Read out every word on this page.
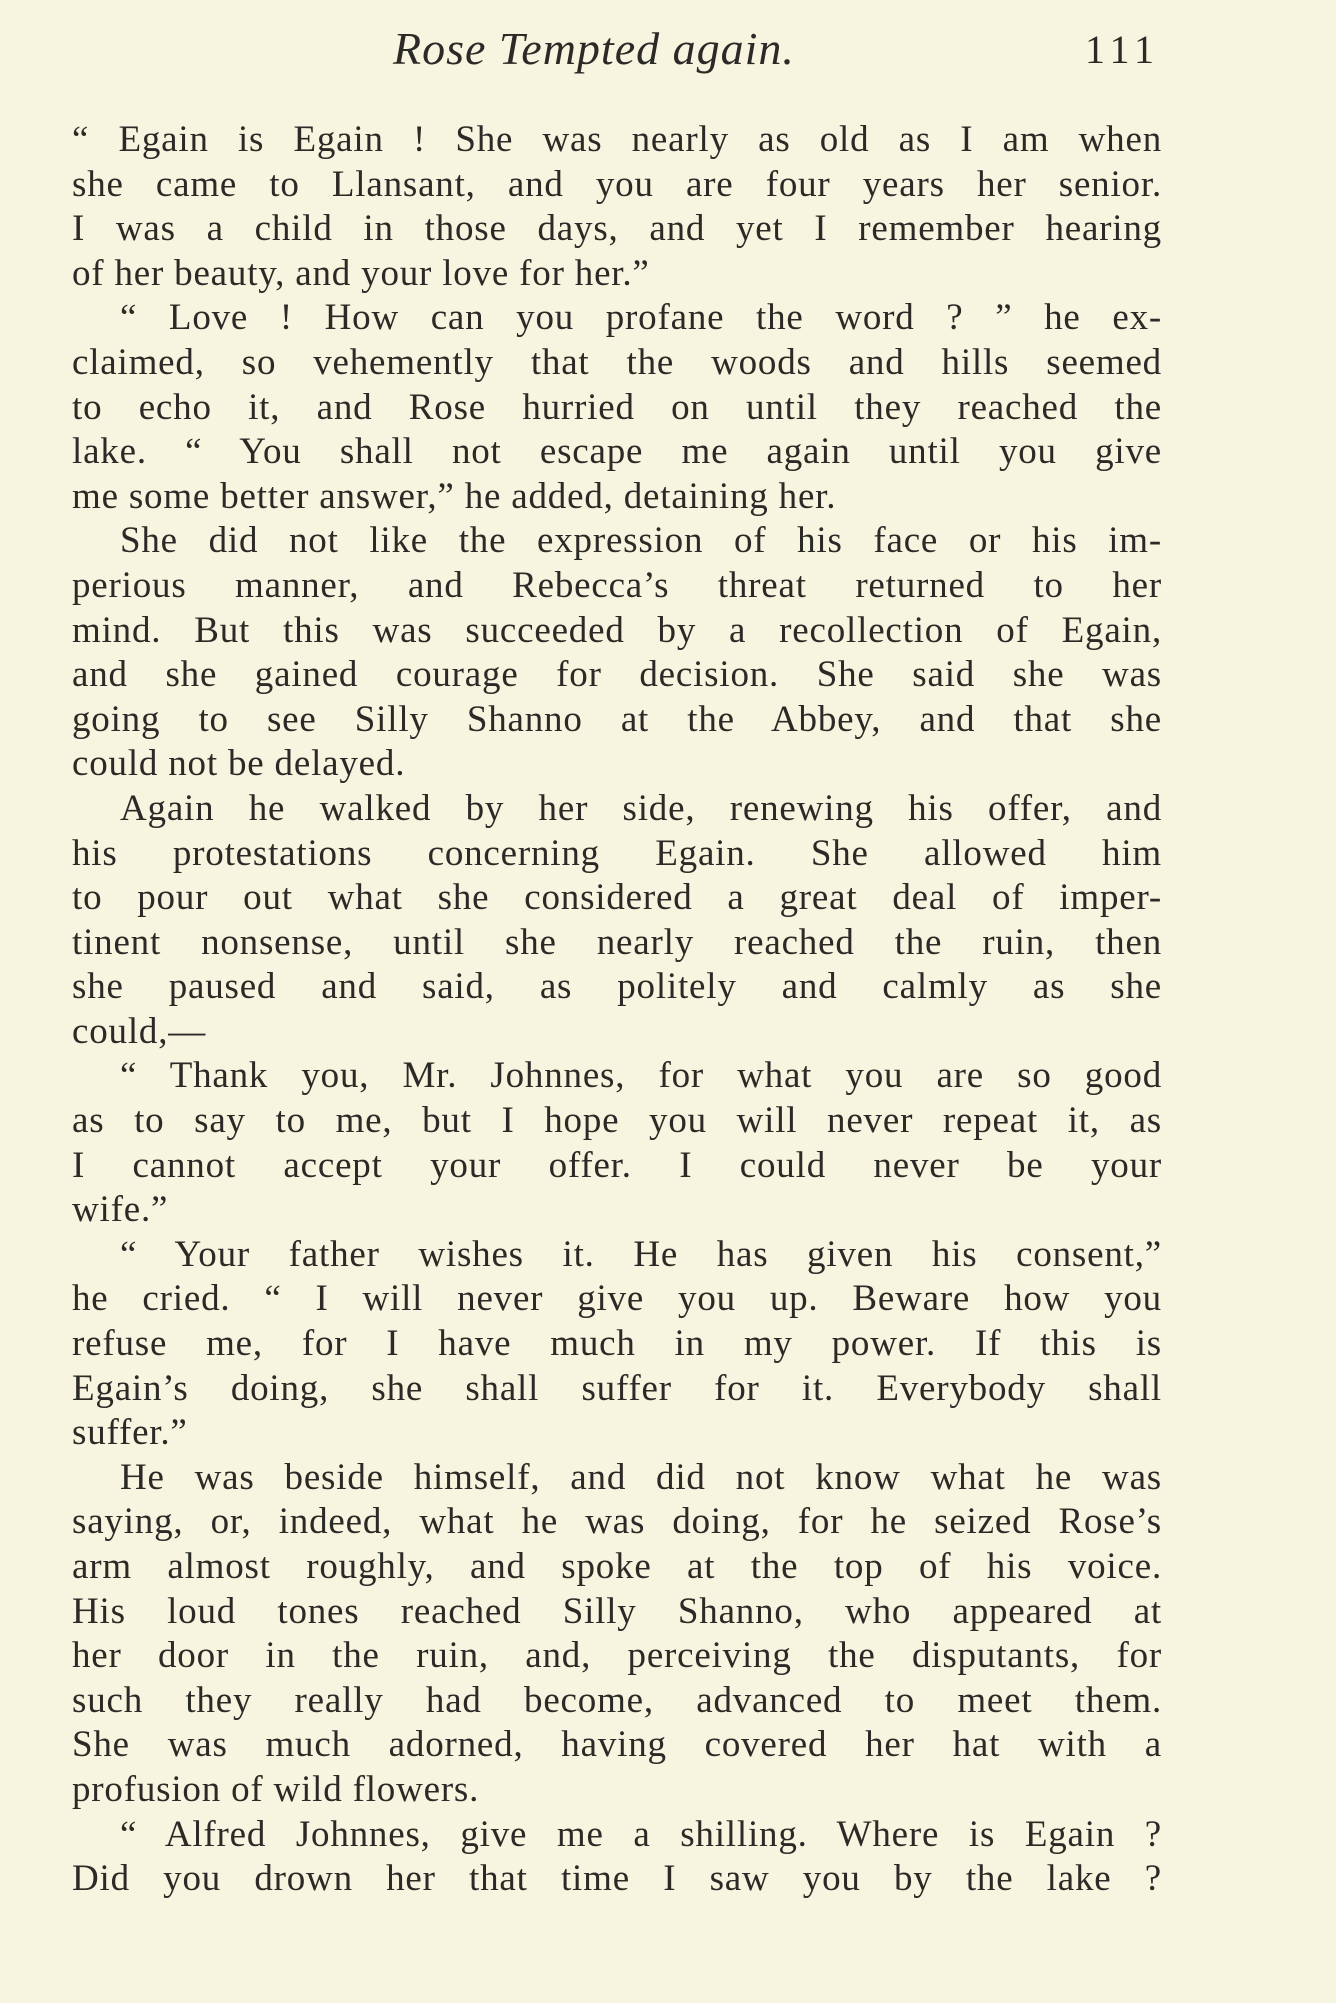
Rose Tempted again.	111
“ Egain is Egain ! She was nearly as old as I am when
she came to Llansant, and you are four years her senior.
I was a child in those days, and yet I remember hearing
of her beauty, and your love for her.”
“ Love ! How can you profane the word ? ” he ex-
claimed, so vehemently that the woods and hills seemed
to echo it, and Rose hurried on until they reached the
lake. “ You shall not escape me again until you give
me some better answer,” he added, detaining her.
She did not like the expression of his face or his im-
perious manner, and Rebecca’s threat returned to her
mind. But this was succeeded by a recollection of Egain,
and she gained courage for decision. She said she was
going to see Silly Shanno at the Abbey, and that she
could not be delayed.
Again he walked by her side, renewing his offer, and
his protestations concerning Egain. She allowed him
to pour out what she considered a great deal of imper-
tinent nonsense, until she nearly reached the ruin, then
she paused and said, as politely and calmly as she
could,—
“ Thank you, Mr. Johnnes, for what you are so good
as to say to me, but I hope you will never repeat it, as
I cannot accept your offer. I could never be your
wife.”
“ Your father wishes it. He has given his consent,”
he cried. “ I will never give you up. Beware how you
refuse me, for I have much in my power. If this is
Egain’s doing, she shall suffer for it. Everybody shall
suffer.”
He was beside himself, and did not know what he was
saying, or, indeed, what he was doing, for he seized Rose’s
arm almost roughly, and spoke at the top of his voice.
His loud tones reached Silly Shanno, who appeared at
her door in the ruin, and, perceiving the disputants, for
such they really had become, advanced to meet them.
She was much adorned, having covered her hat with a
profusion of wild flowers.
“ Alfred Johnnes, give me a shilling. Where is Egain ?
Did you drown her that time I saw you by the lake ?
